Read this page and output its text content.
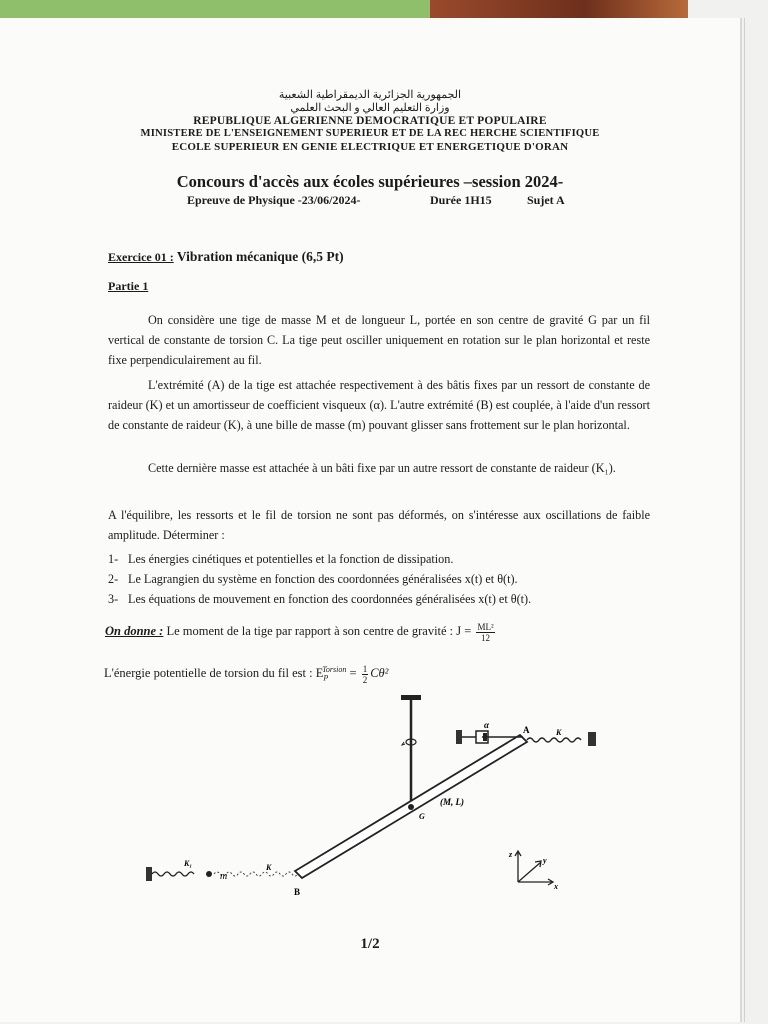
الجمهورية الجزائرية الديمقراطية الشعبية
وزارة التعليم العالي و البحث العلمي
REPUBLIQUE ALGERIENNE DEMOCRATIQUE ET POPULAIRE
MINISTERE DE L'ENSEIGNEMENT SUPERIEUR ET DE LA REC HERCHE SCIENTIFIQUE
ECOLE SUPERIEUR EN GENIE ELECTRIQUE ET ENERGETIQUE D'ORAN
Concours d'accès aux écoles supérieures –session 2024-
Epreuve de Physique -23/06/2024-	Durée 1H15	Sujet A
Exercice 01 : Vibration mécanique (6,5 Pt)
Partie 1
On considère une tige de masse M et de longueur L, portée en son centre de gravité G par un fil vertical de constante de torsion C. La tige peut osciller uniquement en rotation sur le plan horizontal et reste fixe perpendiculairement au fil.
L'extrémité (A) de la tige est attachée respectivement à des bâtis fixes par un ressort de constante de raideur (K) et un amortisseur de coefficient visqueux (α). L'autre extrémité (B) est couplée, à l'aide d'un ressort de constante de raideur (K), à une bille de masse (m) pouvant glisser sans frottement sur le plan horizontal.
Cette dernière masse est attachée à un bâti fixe par un autre ressort de constante de raideur (K₁).
A l'équilibre, les ressorts et le fil de torsion ne sont pas déformés, on s'intéresse aux oscillations de faible amplitude. Déterminer :
1- Les énergies cinétiques et potentielles et la fonction de dissipation.
2- Le Lagrangien du système en fonction des coordonnées généralisées x(t) et θ(t).
3- Les équations de mouvement en fonction des coordonnées généralisées x(t) et θ(t).
On donne : Le moment de la tige par rapport à son centre de gravité : $J = \frac{\text{ML²}}{12}$
L'énergie potentielle de torsion du fil est : $E_P^{Torsion} = \frac{1}{2} C\theta^2$
α	A	K
(M, L)
G
K₁
m
K
B
z
y
x
1/2
